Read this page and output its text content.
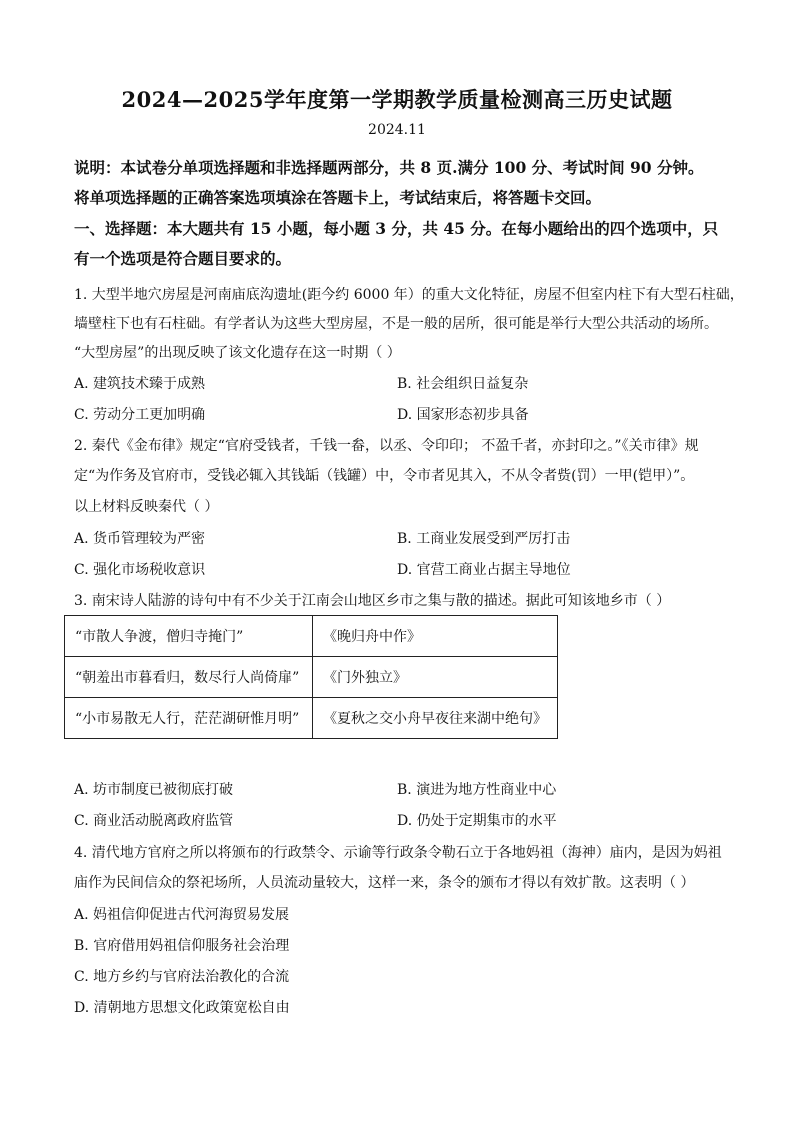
2024—2025学年度第一学期教学质量检测高三历史试题
2024.11
说明：本试卷分单项选择题和非选择题两部分，共 8 页.满分 100 分、考试时间 90 分钟。
将单项选择题的正确答案选项填涂在答题卡上，考试结束后，将答题卡交回。
一、选择题：本大题共有 15 小题，每小题 3 分，共 45 分。在每小题给出的四个选项中，只
有一个选项是符合题目要求的。
1. 大型半地穴房屋是河南庙底沟遗址(距今约 6000 年）的重大文化特征，房屋不但室内柱下有大型石柱础，
墙壁柱下也有石柱础。有学者认为这些大型房屋，不是一般的居所，很可能是举行大型公共活动的场所。
“大型房屋”的出现反映了该文化遗存在这一时期（ ）
A. 建筑技术臻于成熟	B. 社会组织日益复杂
C. 劳动分工更加明确	D. 国家形态初步具备
2. 秦代《金布律》规定“官府受钱者，千钱一畚，以丞、令印印； 不盈千者，亦封印之。”《关市律》规
定“为作务及官府市，受钱必辄入其钱缿（钱罐）中，令市者见其入，不从令者赀(罚）一甲(铠甲）”。
以上材料反映秦代（ ）
A. 货币管理较为严密	B. 工商业发展受到严厉打击
C. 强化市场税收意识	D. 官营工商业占据主导地位
3. 南宋诗人陆游的诗句中有不少关于江南会山地区乡市之集与散的描述。据此可知该地乡市（ ）
“市散人争渡，僧归寺掩门”	《晚归舟中作》
“朝羞出市暮看归，数尽行人尚倚扉”	《门外独立》
“小市易散无人行，茫茫湖研惟月明”	《夏秋之交小舟早夜往来湖中绝句》
A. 坊市制度已被彻底打破	B. 演进为地方性商业中心
C. 商业活动脱离政府监管	D. 仍处于定期集市的水平
4. 清代地方官府之所以将颁布的行政禁令、示谕等行政条令勒石立于各地妈祖（海神）庙内，是因为妈祖
庙作为民间信众的祭祀场所，人员流动量较大，这样一来，条令的颁布才得以有效扩散。这表明（ ）
A. 妈祖信仰促进古代河海贸易发展
B. 官府借用妈祖信仰服务社会治理
C. 地方乡约与官府法治教化的合流
D. 清朝地方思想文化政策宽松自由
